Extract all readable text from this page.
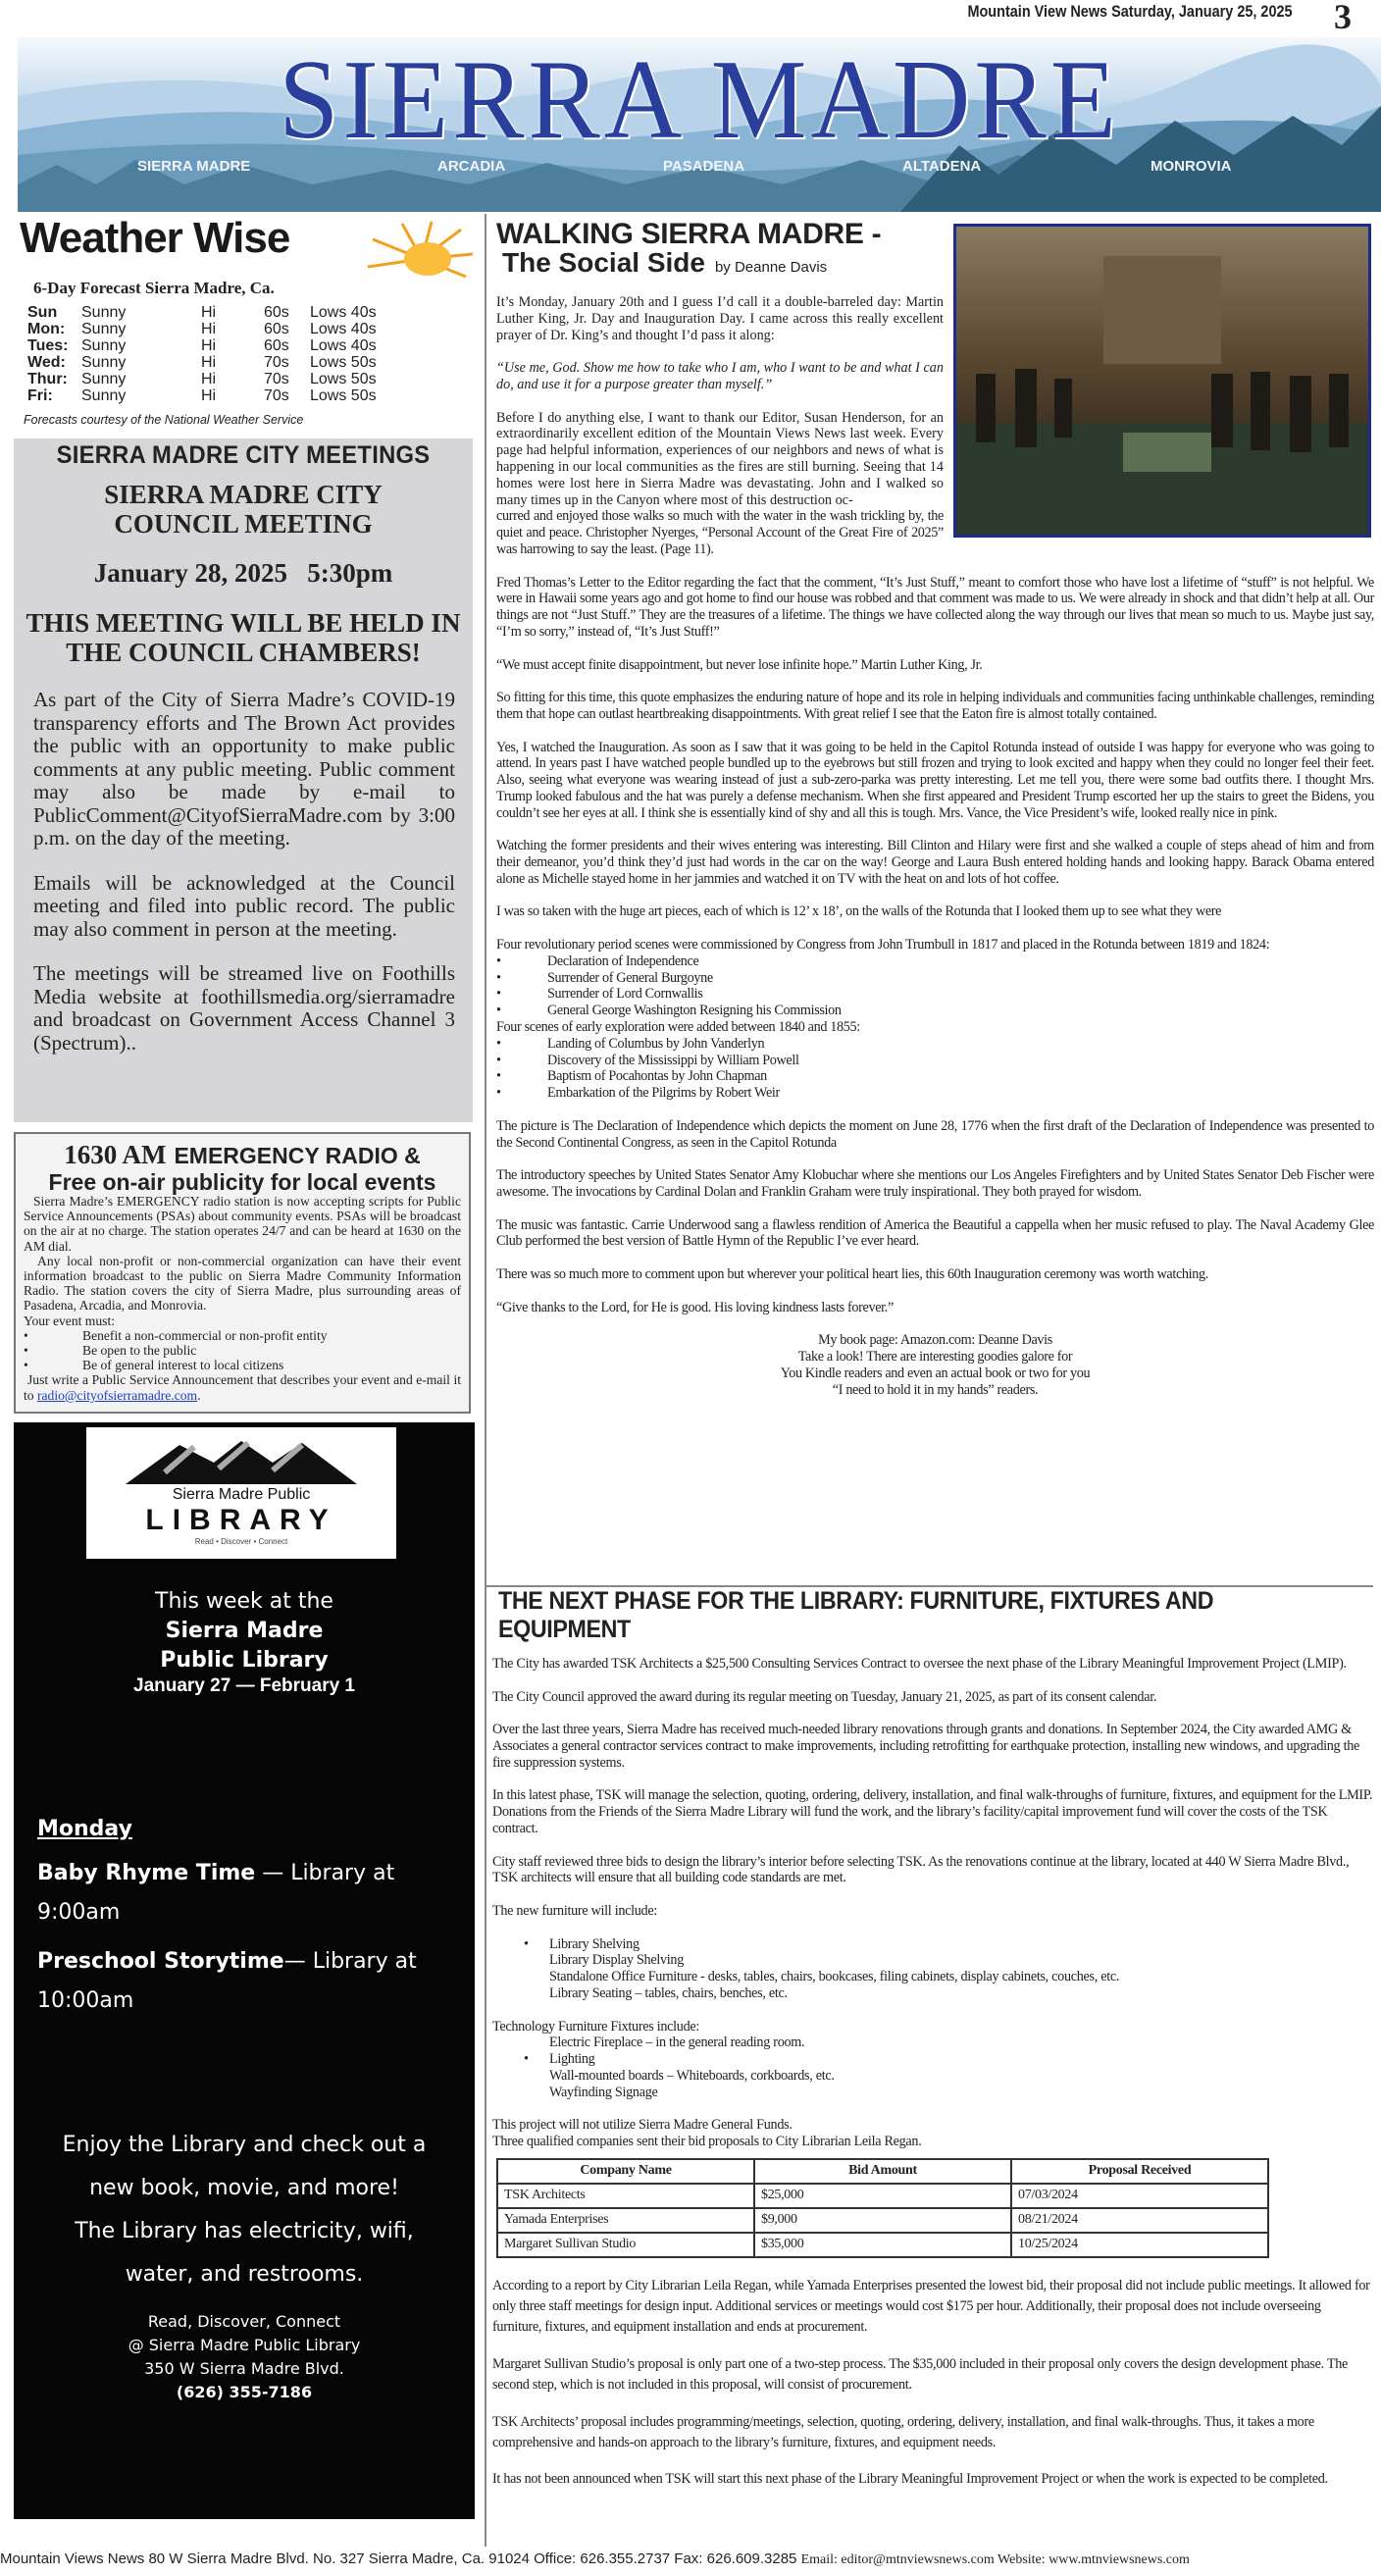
Mountain View News Saturday, January 25, 2025 3
SIERRA MADRE
SIERRA MADRE	ARCADIA	PASADENA	ALTADENA	MONROVIA
Weather Wise
6-Day Forecast Sierra Madre, Ca.
Sun	Sunny	Hi	60s	Lows 40s
Mon:	Sunny	Hi	60s	Lows 40s
Tues:	Sunny	Hi	60s	Lows 40s
Wed:	Sunny	Hi	70s	Lows 50s
Thur:	Sunny	Hi	70s	Lows 50s
Fri:	Sunny	Hi	70s	Lows 50s
Forecasts courtesy of the National Weather Service
SIERRA MADRE CITY MEETINGS
SIERRA MADRE CITY COUNCIL MEETING
January 28, 2025   5:30pm
THIS MEETING WILL BE HELD IN THE COUNCIL CHAMBERS!

As part of the City of Sierra Madre’s COVID-19 transparency efforts and The Brown Act provides the public with an opportunity to make public comments at any public meeting. Public comment may also be made by e-mail to PublicComment@CityofSierraMadre.com by 3:00 p.m. on the day of the meeting.

Emails will be acknowledged at the Council meeting and filed into public record. The public may also comment in person at the meeting.

The meetings will be streamed live on Foothills Media website at foothillsmedia.org/sierramadre and broadcast on Government Access Channel 3 (Spectrum)..

1630 AM EMERGENCY RADIO &
Free on-air publicity for local events

Sierra Madre’s EMERGENCY radio station is now accepting scripts for Public Service Announcements (PSAs) about community events. PSAs will be broadcast on the air at no charge. The station operates 24/7 and can be heard at 1630 on the AM dial.

Any local non-profit or non-commercial organization can have their event information broadcast to the public on Sierra Madre Community Information Radio. The station covers the city of Sierra Madre, plus surrounding areas of Pasadena, Arcadia, and Monrovia.

Your event must:

• Benefit a non-commercial or non-profit entity
• Be open to the public
• Be of general interest to local citizens

Just write a Public Service Announcement that describes your event and e-mail it to radio@cityofsierramadre.com.

Sierra Madre Public
LIBRARY
Read • Discover • Connect
This week at the
Sierra Madre
Public Library
January 27 — February 1
Monday
Baby Rhyme Time — Library at 9:00am
Preschool Storytime— Library at 10:00am
Enjoy the Library and check out a new book, movie, and more!
The Library has electricity, wifi, water, and restrooms.
Read, Discover, Connect
@ Sierra Madre Public Library
350 W Sierra Madre Blvd.
(626) 355-7186
WALKING SIERRA MADRE -
The Social Side by Deanne Davis

It’s Monday, January 20th and I guess I’d call it a double-barreled day: Martin Luther King, Jr. Day and Inauguration Day. I came across this really excellent prayer of Dr. King’s and thought I’d pass it along:

“Use me, God. Show me how to take who I am, who I want to be and what I can do, and use it for a purpose greater than myself.”

Before I do anything else, I want to thank our Editor, Susan Henderson, for an extraordinarily excellent edition of the Mountain Views News last week. Every page had helpful information, experiences of our neighbors and news of what is happening in our local communities as the fires are still burning. Seeing that 14 homes were lost here in Sierra Madre was devastating. John and I walked so many times up in the Canyon where most of this destruction oc-

curred and enjoyed those walks so much with the water in the wash trickling by, the quiet and peace. Christopher Nyerges, “Personal Account of the Great Fire of 2025” was harrowing to say the least. (Page 11).

Fred Thomas’s Letter to the Editor regarding the fact that the comment, “It’s Just Stuff,” meant to comfort those who have lost a lifetime of “stuff” is not helpful. We were in Hawaii some years ago and got home to find our house was robbed and that comment was made to us. We were already in shock and that didn’t help at all. Our things are not “Just Stuff.” They are the treasures of a lifetime. The things we have collected along the way through our lives that mean so much to us. Maybe just say, “I’m so sorry,” instead of, “It’s Just Stuff!”

“We must accept finite disappointment, but never lose infinite hope.” Martin Luther King, Jr.

So fitting for this time, this quote emphasizes the enduring nature of hope and its role in helping individuals and communities facing unthinkable challenges, reminding them that hope can outlast heartbreaking disappointments. With great relief I see that the Eaton fire is almost totally contained.

Yes, I watched the Inauguration. As soon as I saw that it was going to be held in the Capitol Rotunda instead of outside I was happy for everyone who was going to attend. In years past I have watched people bundled up to the eyebrows but still frozen and trying to look excited and happy when they could no longer feel their feet. Also, seeing what everyone was wearing instead of just a sub-zero-parka was pretty interesting. Let me tell you, there were some bad outfits there. I thought Mrs. Trump looked fabulous and the hat was purely a defense mechanism. When she first appeared and President Trump escorted her up the stairs to greet the Bidens, you couldn’t see her eyes at all. I think she is essentially kind of shy and all this is tough. Mrs. Vance, the Vice President’s wife, looked really nice in pink.

Watching the former presidents and their wives entering was interesting. Bill Clinton and Hilary were first and she walked a couple of steps ahead of him and from their demeanor, you’d think they’d just had words in the car on the way! George and Laura Bush entered holding hands and looking happy. Barack Obama entered alone as Michelle stayed home in her jammies and watched it on TV with the heat on and lots of hot coffee.

I was so taken with the huge art pieces, each of which is 12’ x 18’, on the walls of the Rotunda that I looked them up to see what they were

Four revolutionary period scenes were commissioned by Congress from John Trumbull in 1817 and placed in the Rotunda between 1819 and 1824:
• Declaration of Independence
• Surrender of General Burgoyne
• Surrender of Lord Cornwallis
• General George Washington Resigning his Commission
Four scenes of early exploration were added between 1840 and 1855:
• Landing of Columbus by John Vanderlyn
• Discovery of the Mississippi by William Powell
• Baptism of Pocahontas by John Chapman
• Embarkation of the Pilgrims by Robert Weir

The picture is The Declaration of Independence which depicts the moment on June 28, 1776 when the first draft of the Declaration of Independence was presented to the Second Continental Congress, as seen in the Capitol Rotunda

The introductory speeches by United States Senator Amy Klobuchar where she mentions our Los Angeles Firefighters and by United States Senator Deb Fischer were awesome. The invocations by Cardinal Dolan and Franklin Graham were truly inspirational. They both prayed for wisdom.

The music was fantastic. Carrie Underwood sang a flawless rendition of America the Beautiful a cappella when her music refused to play. The Naval Academy Glee Club performed the best version of Battle Hymn of the Republic I’ve ever heard.

There was so much more to comment upon but wherever your political heart lies, this 60th Inauguration ceremony was worth watching.

“Give thanks to the Lord, for He is good. His loving kindness lasts forever.”

My book page: Amazon.com: Deanne Davis
Take a look! There are interesting goodies galore for
You Kindle readers and even an actual book or two for you
“I need to hold it in my hands” readers.
THE NEXT PHASE FOR THE LIBRARY: FURNITURE, FIXTURES AND EQUIPMENT

The City has awarded TSK Architects a $25,500 Consulting Services Contract to oversee the next phase of the Library Meaningful Improvement Project (LMIP).

The City Council approved the award during its regular meeting on Tuesday, January 21, 2025, as part of its consent calendar.

Over the last three years, Sierra Madre has received much-needed library renovations through grants and donations. In September 2024, the City awarded AMG & Associates a general contractor services contract to make improvements, including retrofitting for earthquake protection, installing new windows, and upgrading the fire suppression systems.

In this latest phase, TSK will manage the selection, quoting, ordering, delivery, installation, and final walk-throughs of furniture, fixtures, and equipment for the LMIP. Donations from the Friends of the Sierra Madre Library will fund the work, and the library’s facility/capital improvement fund will cover the costs of the TSK contract.

City staff reviewed three bids to design the library’s interior before selecting TSK. As the renovations continue at the library, located at 440 W Sierra Madre Blvd., TSK architects will ensure that all building code standards are met.

The new furniture will include:

• Library Shelving
Library Display Shelving
Standalone Office Furniture - desks, tables, chairs, bookcases, filing cabinets, display cabinets, couches, etc.
Library Seating – tables, chairs, benches, etc.
Technology Furniture Fixtures include:
Electric Fireplace – in the general reading room.
• Lighting
Wall-mounted boards – Whiteboards, corkboards, etc.
Wayfinding Signage
This project will not utilize Sierra Madre General Funds.
Three qualified companies sent their bid proposals to City Librarian Leila Regan.
Company Name	Bid Amount	Proposal Received
TSK Architects	$25,000	07/03/2024
Yamada Enterprises	$9,000	08/21/2024
Margaret Sullivan Studio	$35,000	10/25/2024

According to a report by City Librarian Leila Regan, while Yamada Enterprises presented the lowest bid, their proposal did not include public meetings. It allowed for only three staff meetings for design input. Additional services or meetings would cost $175 per hour. Additionally, their proposal does not include overseeing furniture, fixtures, and equipment installation and ends at procurement.

Margaret Sullivan Studio’s proposal is only part one of a two-step process. The $35,000 included in their proposal only covers the design development phase. The second step, which is not included in this proposal, will consist of procurement.

TSK Architects’ proposal includes programming/meetings, selection, quoting, ordering, delivery, installation, and final walk-throughs. Thus, it takes a more comprehensive and hands-on approach to the library’s furniture, fixtures, and equipment needs.

It has not been announced when TSK will start this next phase of the Library Meaningful Improvement Project or when the work is expected to be completed.

Mountain Views News 80 W Sierra Madre Blvd. No. 327 Sierra Madre, Ca. 91024 Office: 626.355.2737 Fax: 626.609.3285 Email: editor@mtnviewsnews.com Website: www.mtnviewsnews.com
